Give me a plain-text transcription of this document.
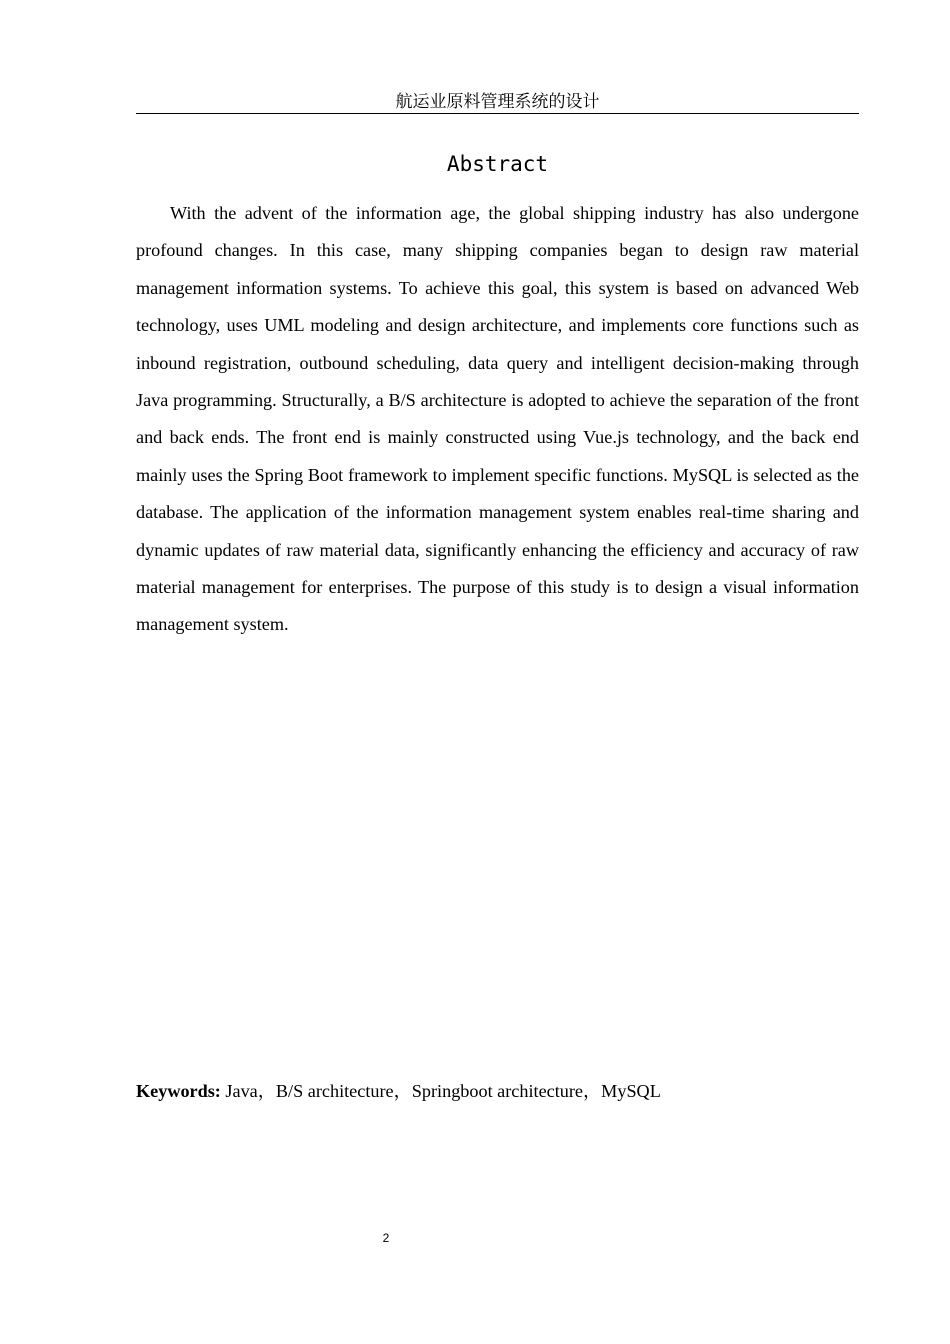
航运业原料管理系统的设计
Abstract

With the advent of the information age, the global shipping industry has also undergone profound changes. In this case, many shipping companies began to design raw material management information systems. To achieve this goal, this system is based on advanced Web technology, uses UML modeling and design architecture, and implements core functions such as inbound registration, outbound scheduling, data query and intelligent decision-making through Java programming. Structurally, a B/S architecture is adopted to achieve the separation of the front and back ends. The front end is mainly constructed using Vue.js technology, and the back end mainly uses the Spring Boot framework to implement specific functions. MySQL is selected as the database. The application of the information management system enables real-time sharing and dynamic updates of raw material data, significantly enhancing the efficiency and accuracy of raw material management for enterprises. The purpose of this study is to design a visual information management system.

Keywords: Java，B/S architecture，Springboot architecture，MySQL
2
